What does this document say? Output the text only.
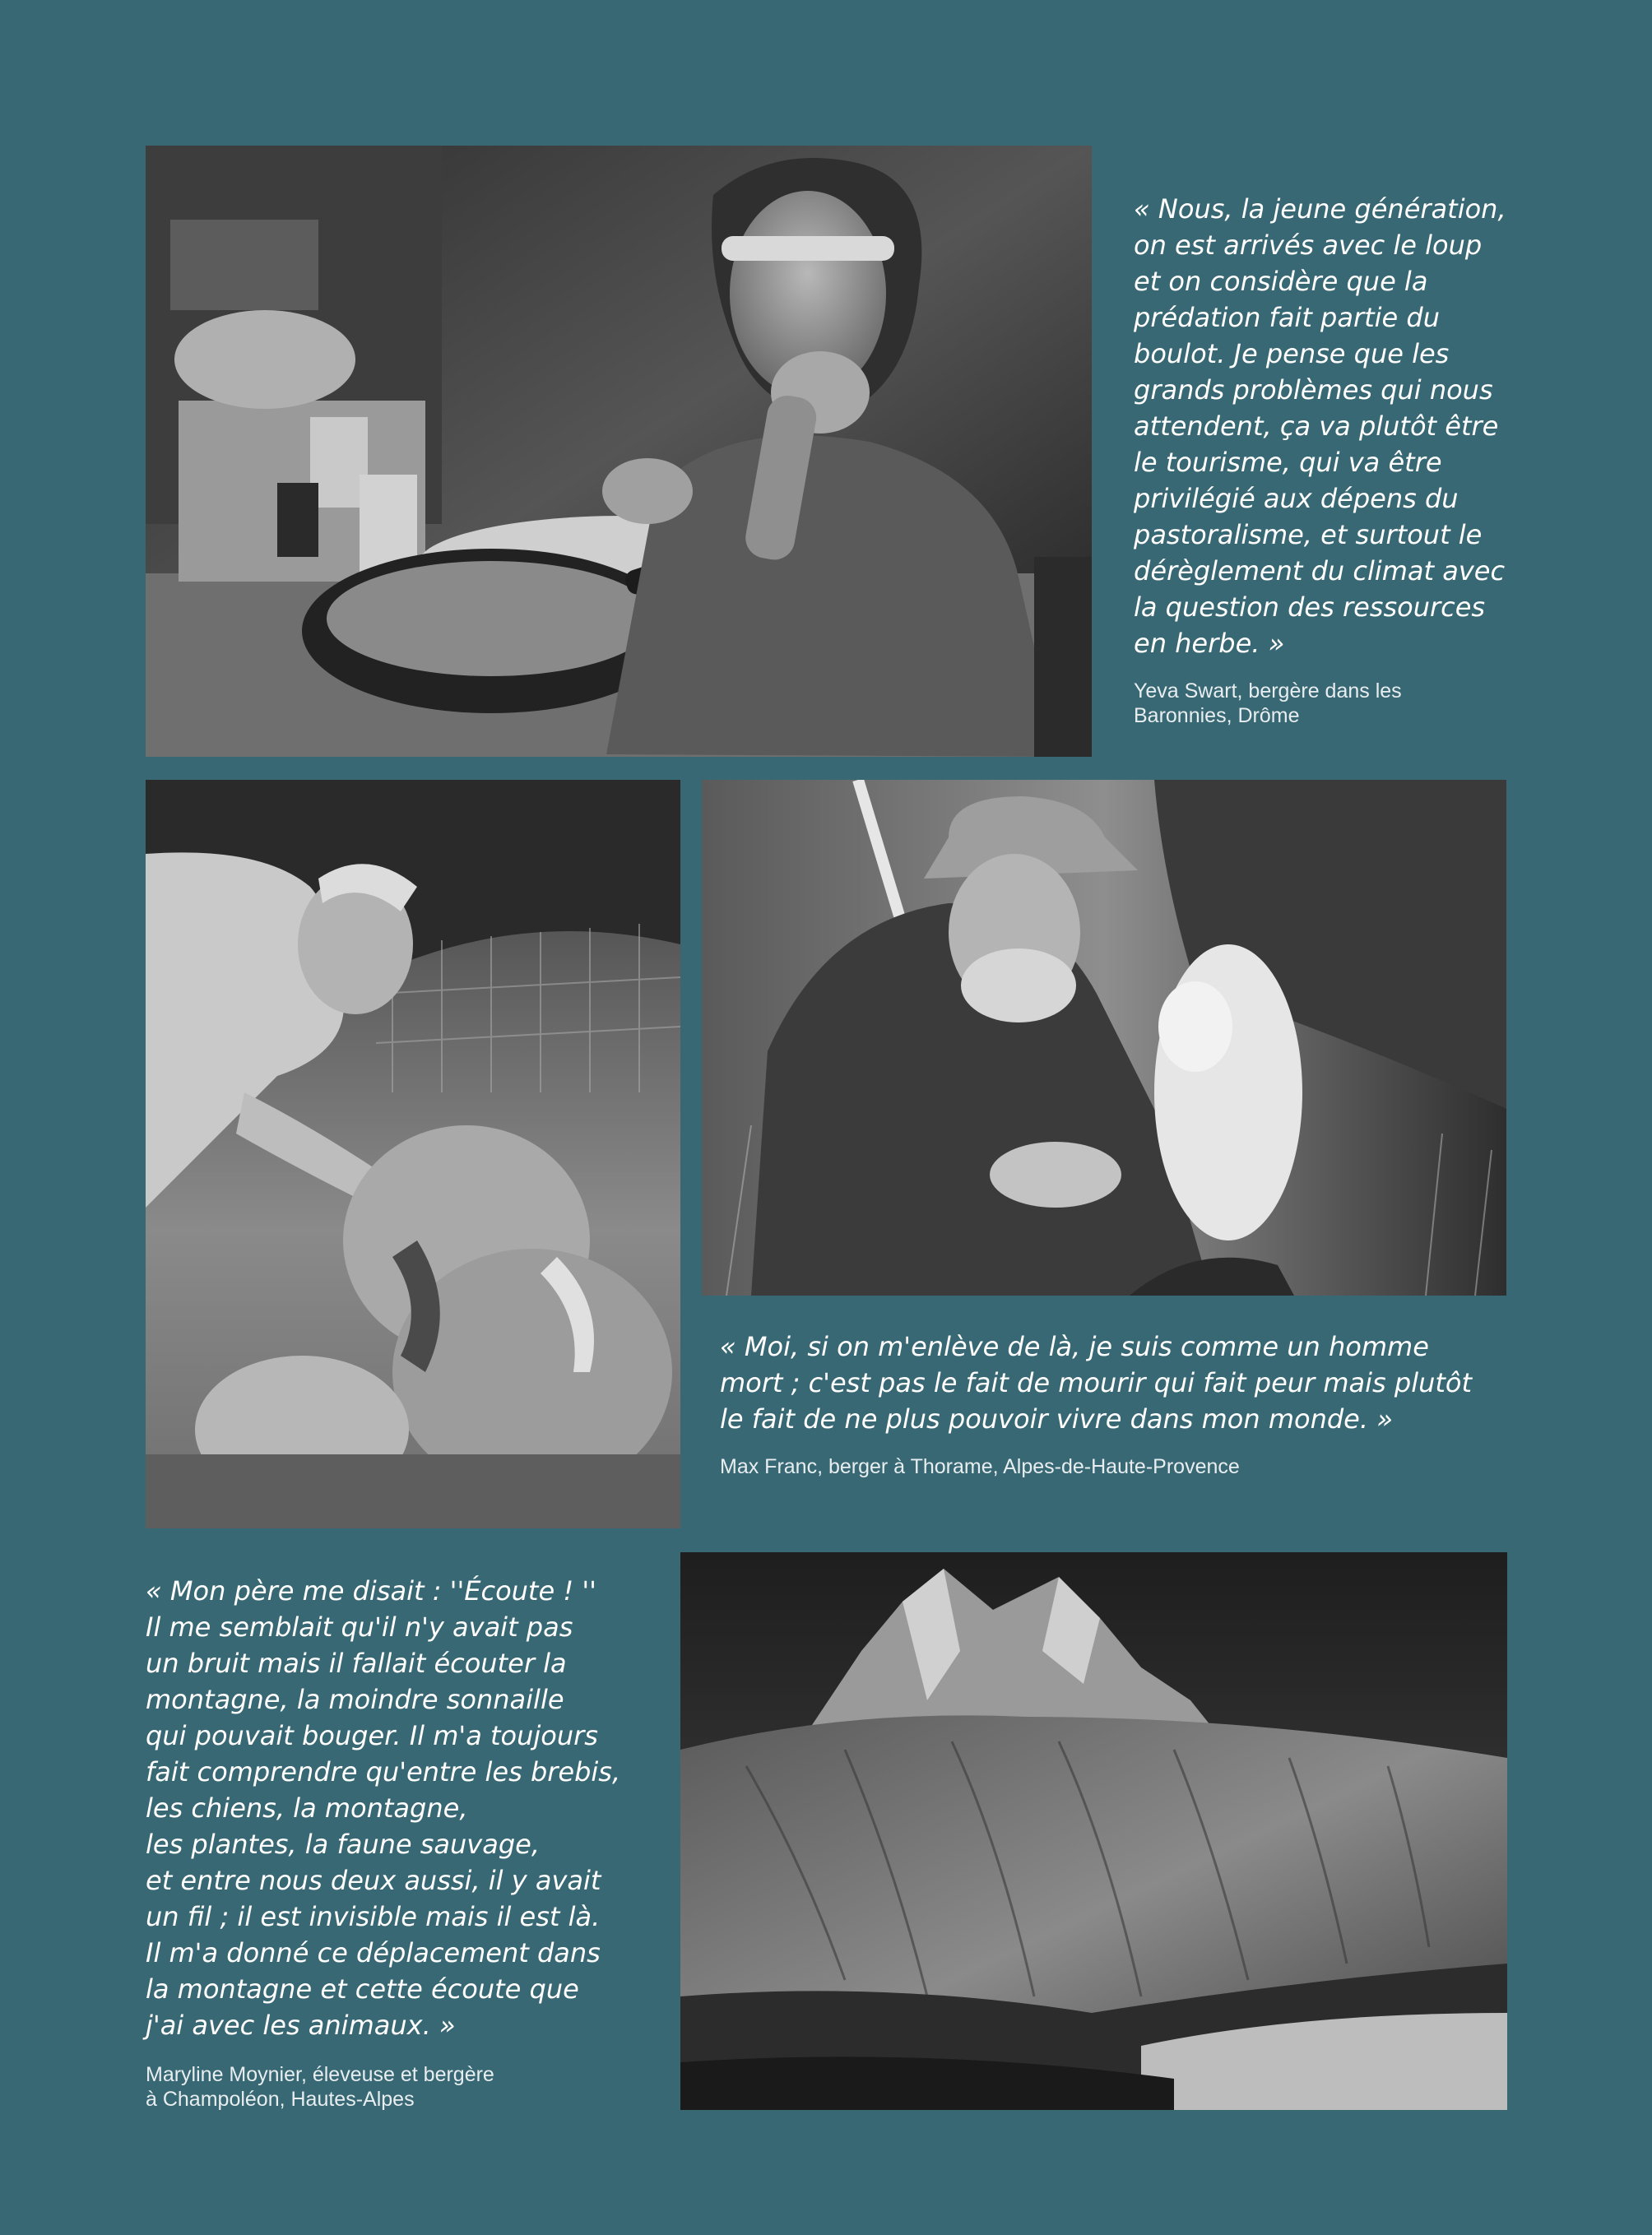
« Nous, la jeune génération,
on est arrivés avec le loup
et on considère que la
prédation fait partie du
boulot. Je pense que les
grands problèmes qui nous
attendent, ça va plutôt être
le tourisme, qui va être
privilégié aux dépens du
pastoralisme, et surtout le
dérèglement du climat avec
la question des ressources
en herbe. »
Yeva Swart, bergère dans les
Baronnies, Drôme
« Moi, si on m'enlève de là, je suis comme un homme
mort ; c'est pas le fait de mourir qui fait peur mais plutôt
le fait de ne plus pouvoir vivre dans mon monde. »
Max Franc, berger à Thorame, Alpes-de-Haute-Provence
« Mon père me disait : ''Écoute ! ''
Il me semblait qu'il n'y avait pas
un bruit mais il fallait écouter la
montagne, la moindre sonnaille
qui pouvait bouger. Il m'a toujours
fait comprendre qu'entre les brebis,
les chiens, la montagne,
les plantes, la faune sauvage,
et entre nous deux aussi, il y avait
un fil ; il est invisible mais il est là.
Il m'a donné ce déplacement dans
la montagne et cette écoute que
j'ai avec les animaux. »
Maryline Moynier, éleveuse et bergère
à Champoléon, Hautes-Alpes
